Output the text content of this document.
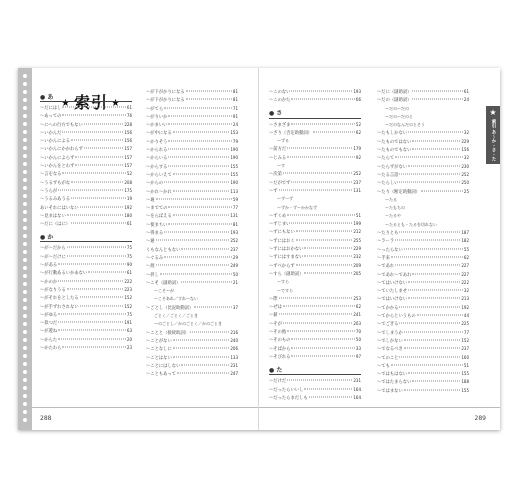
★ 索引 ★
● あ
～だにはし	61
～あっての	76
～にへの行方でもない	228
～いかんだ	156
～いかんによる	156
～いかんにかかわらず	157
～いかんによらず	157
～いかんをとわず	157
～言をなる	52
～うるずもがな	208
～うらが	175
～うるみあうる	19
あいそれにはいない	192
～見まはない	180
～だに（はに）	61
● か
～が～だから	75
～が～だけに	75
～がある	90
～が行動あるいかあない	61
～かのか	222
～がなりうる	223
～がそれをとしたる	152
～が手ずれされない	152
～がゆる	75
～似つだ	191
～が遊ね	63
～からた	20
～かたわら	23
～が下がかりになる	81
～が下がかりになる	81
～がてら	71
～がりいか	91
～かまいい	24
～が中になる	153
～かりそう	79
～かられる	190
～からいる	190
～からする	155
～からいえて	155
～からの	190
～かれ～かれ	113
～通	59
～までての	77
～をらばえる	131
～使まちい	81
～得まる	193
～通	252
くもなんともない	237
～ぐるみ	29
～渡	249
～折し	50
～こそ（副助詞）	21
～こそ～が
～こそあれ／すれ～ない
～ごとし（比況助動詞）	37
ごとく／ごとく／ごとき
～のごとし／かのごとく／かのごとき
～ことと（接続助詞）	216
～ことがない	240
～ことなしに	206
～ことはない	133
～ことにはしない	231
～こともあって	247
288
～このない	193
～このかた	66
● さ
～さまざま	52
～ざり（否定助動詞）	62
～ずる
～前方だ	179
～じみる	92
～す
～次第	252
～だがでず	237
～ず	131
～ず～ず
～ずか・ず～かかなず
～ずくめ	51
～ずじまい	199
～ずにもない	212
～ずにはおく	255
～ずにはおかない	229
～ずにはすまない	232
～ずべからず	209
～すら（副助詞）	205
～すら
～ですら
～際	253
～ぜは	62
～値	241
～そが	203
～その他	70
～そのもの	50
～そばから	33
～そびれる	97
● た
～だけだ	231
～だったらいいし	164
～だったらまだしも	164
～だに（副助詞）	61
～だの（副助詞）	24
～だの～だの
～だの～だのと
～だのなんだのとそう
～たもしかない	32
～たものではない	229
～たものでもない	156
～たらて	32
～たらずがない	230
～たる言語	252
～たらしい	250
～たり（断定助動詞）	25
～たる
～たもちの
～たるや
～たるとも・たるを切れない
～たりとも	187
～ラーラ	182
～ったらない	55
～手来	62
～であれ	227
～であれ～であれ	227
～てはいけない	222
～ていたしませ	32
～ではいけない	213
～てかかる	192
～てからというもの	44
～でごぎる	225
～でしまうか	77
～でしかない	152
～でなるべき	237
～てのこと	160
～ても	51
～ではもはない	155
～ではたまらない	188
～ではまない	155
★
索引 あ～か・さ・た
289
